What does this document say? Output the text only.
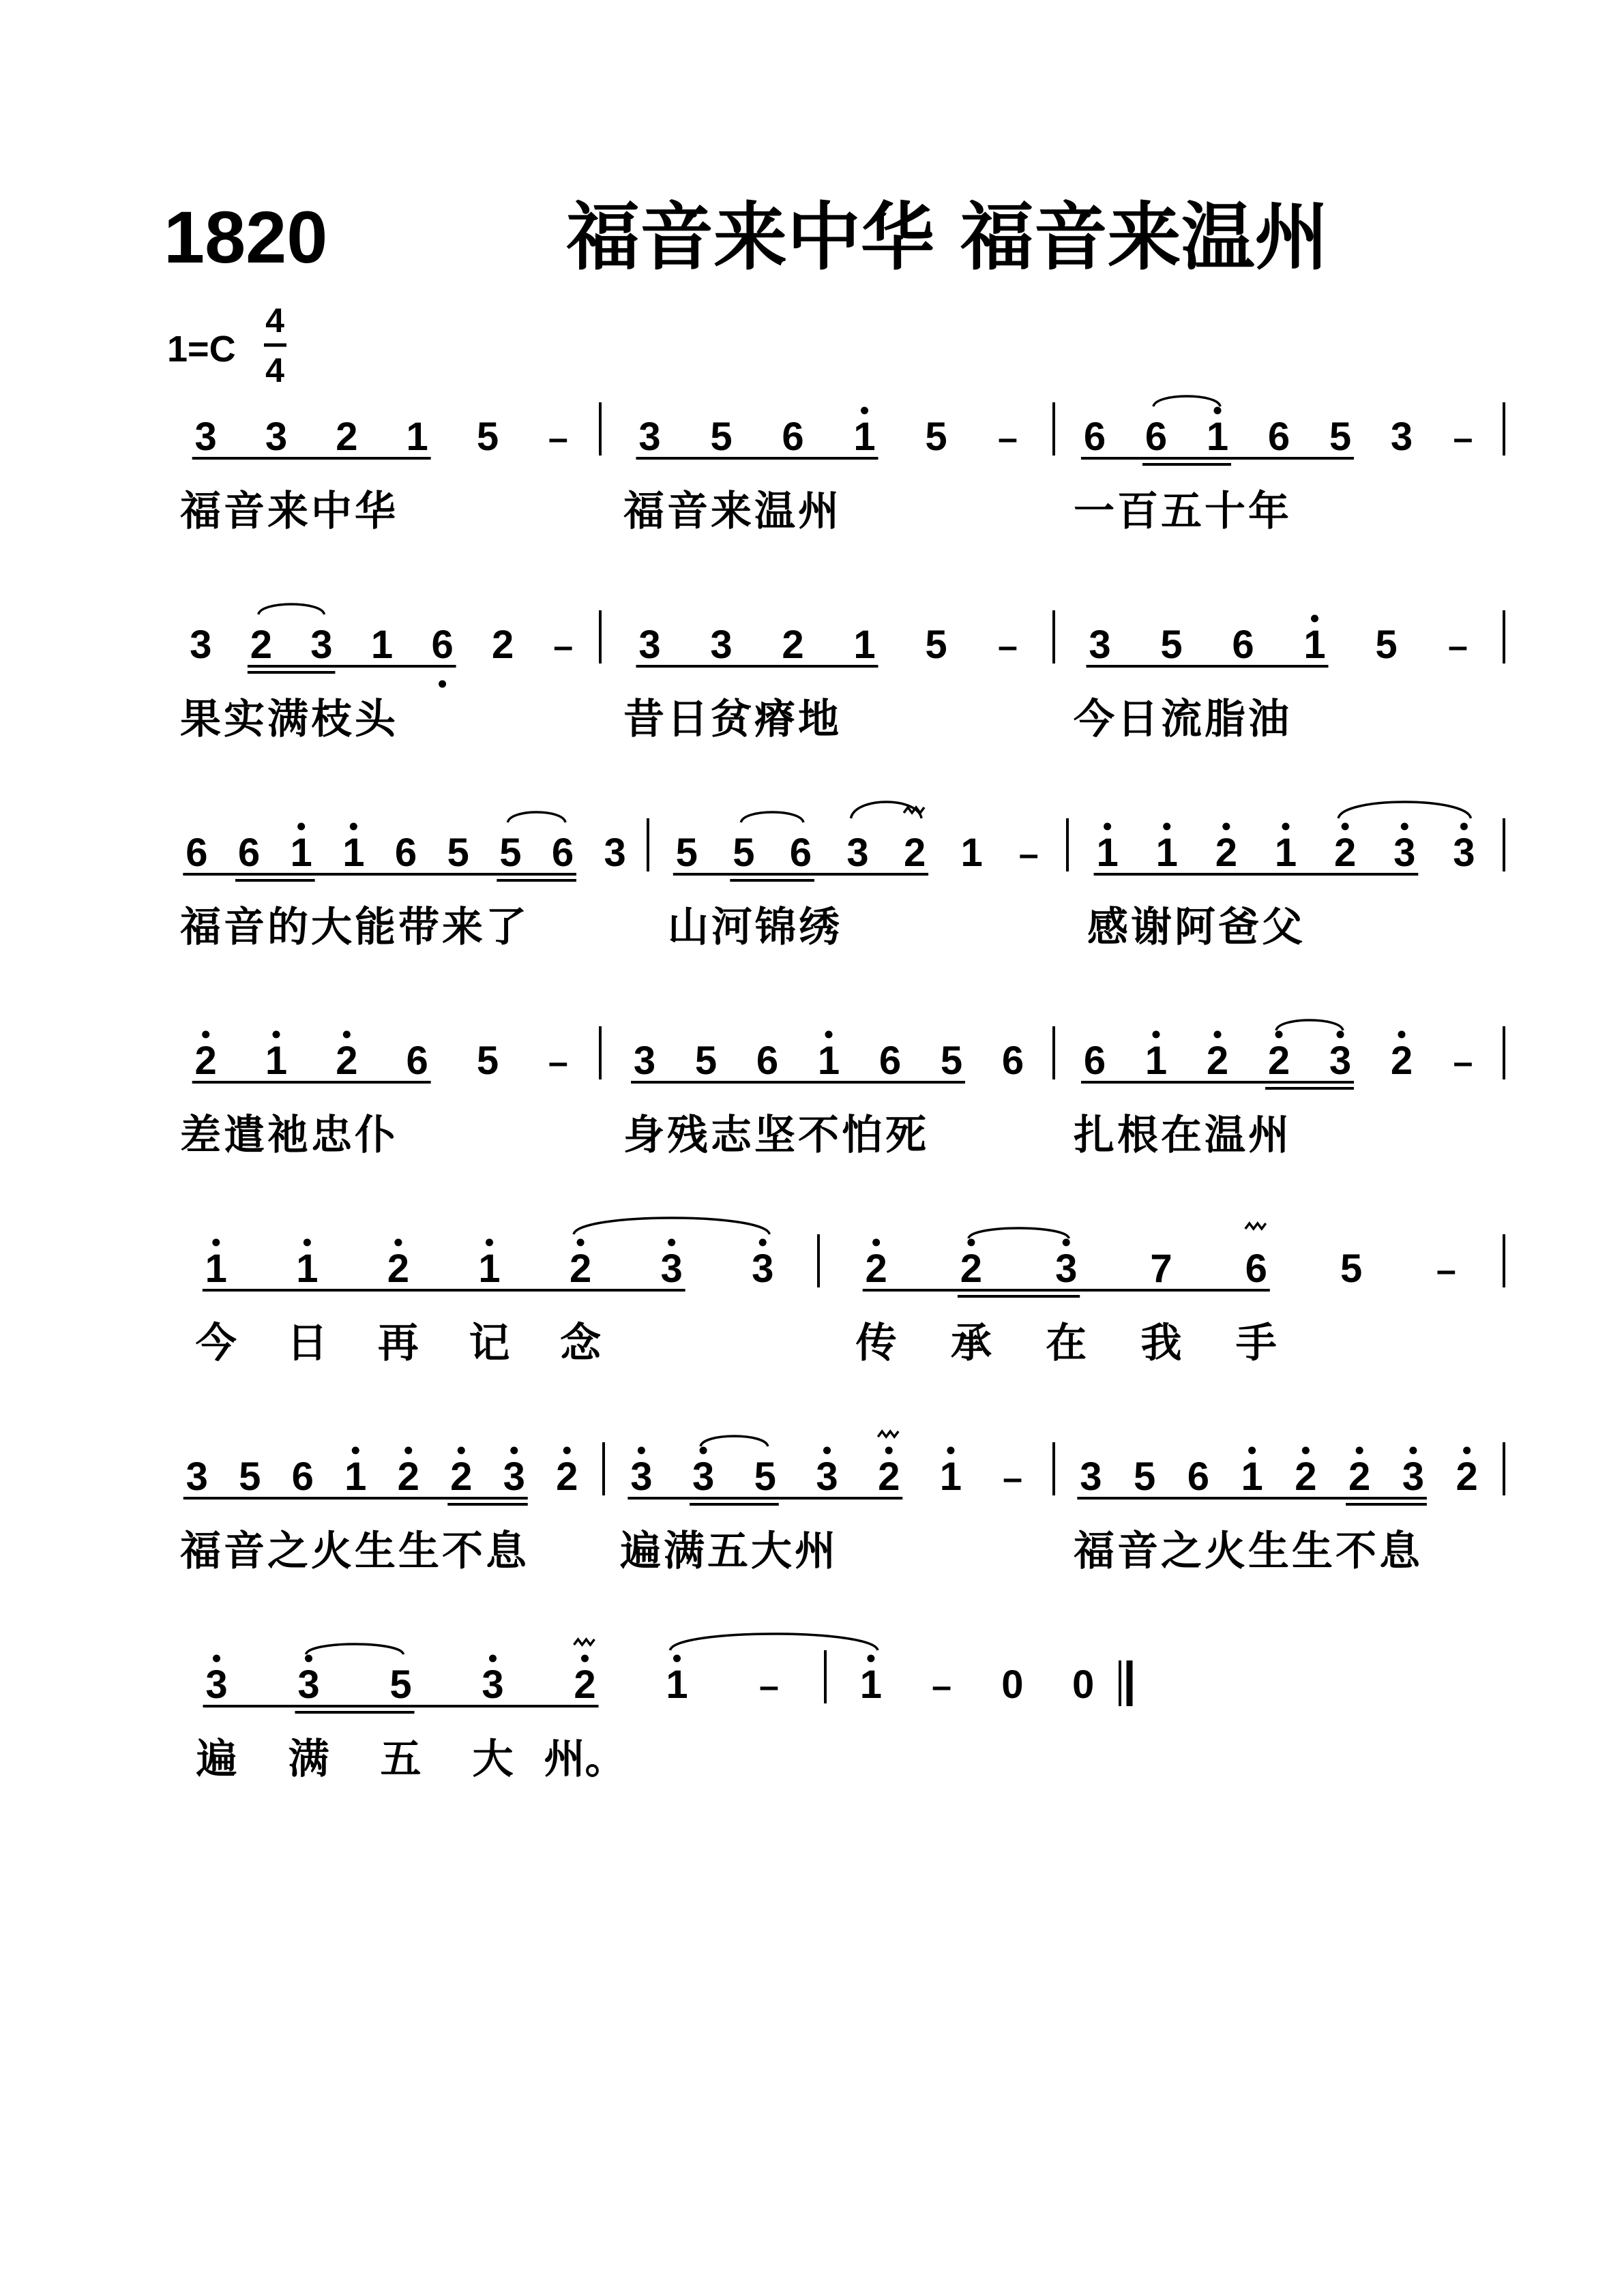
1820	福音来中华 福音来温州
1=C
4
4
3 3 2 1 5 –
福 音 来 中 华
3 5 6 1 5 –
福 音 来 温 州
6 6 1 6 5 3 –
一 百 五 十 年
3 2 3 1 6 2 –
果 实 满 枝 头
3 3 2 1 5 –
昔 日 贫 瘠 地
3 5 6 1 5 –
今 日 流 脂 油
6 6 1 1 6 5 5 6 3
福 音 的 大 能 带 来 了
5 5 6 3 2 1 –
山 河 锦 绣
1 1 2 1 2 3 3
感 谢 阿 爸 父
2 1 2 6 5 –
差 遣 祂 忠 仆
3 5 6 1 6 5 6
身 残 志 坚 不 怕 死
6 1 2 2 3 2 –
扎 根 在 温 州
1 1 2 1 2 3 3
今 日 再 记 念
2 2 3 7 6 5 –
传 承 在 我 手
3 5 6 1 2 2 3 2
福 音 之 火 生 生 不 息
3 3 5 3 2 1 –
遍 满 五 大 州
3 5 6 1 2 2 3 2
福 音 之 火 生 生 不 息
3 3 5 3 2 1 –
遍 满 五 大 州。
1 – 0 0
